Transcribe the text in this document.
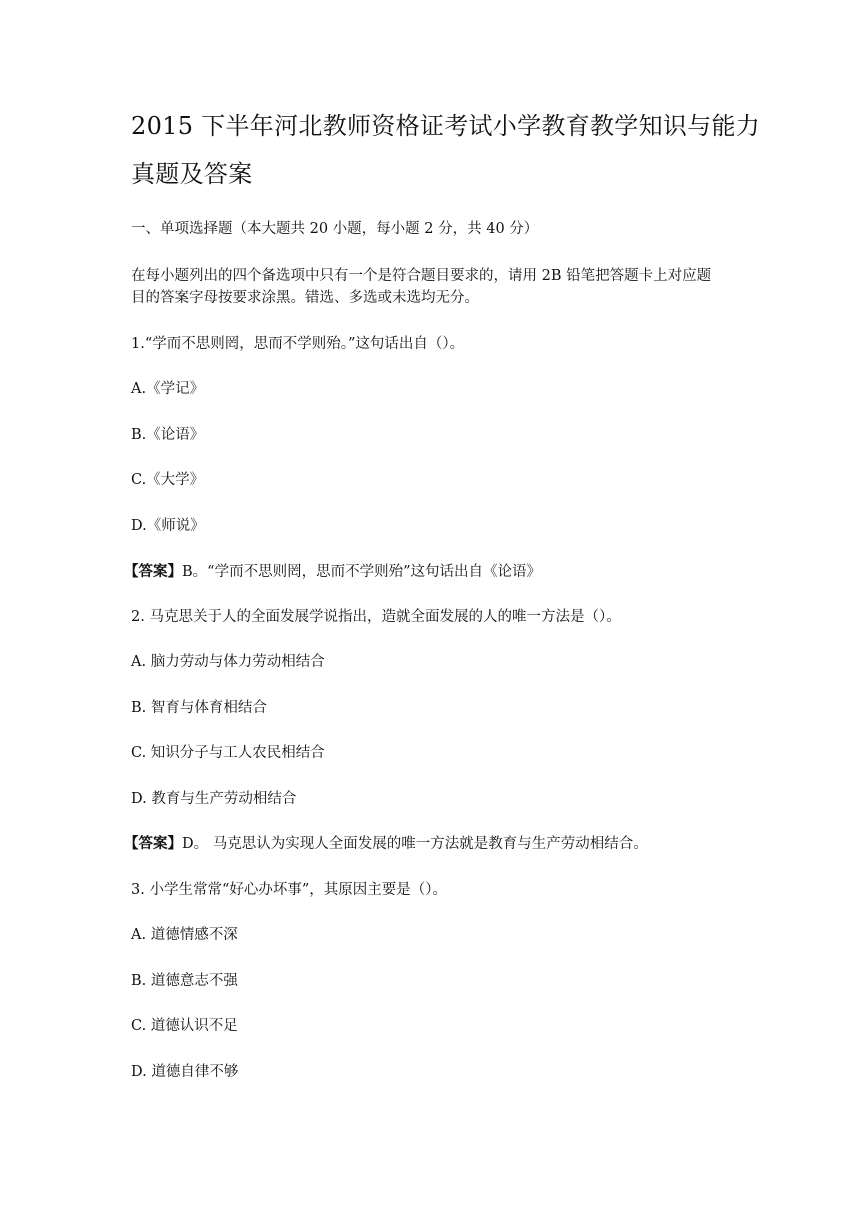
2015 下半年河北教师资格证考试小学教育教学知识与能力
真题及答案
一、单项选择题（本大题共 20 小题，每小题 2 分，共 40 分）
在每小题列出的四个备选项中只有一个是符合题目要求的，请用 2B 铅笔把答题卡上对应题
目的答案字母按要求涂黑。错选、多选或未选均无分。
1.“学而不思则罔，思而不学则殆。”这句话出自（）。
A.《学记》
B.《论语》
C.《大学》
D.《师说》
【答案】B。“学而不思则罔，思而不学则殆”这句话出自《论语》
2. 马克思关于人的全面发展学说指出，造就全面发展的人的唯一方法是（）。
A. 脑力劳动与体力劳动相结合
B. 智育与体育相结合
C. 知识分子与工人农民相结合
D. 教育与生产劳动相结合
【答案】D。 马克思认为实现人全面发展的唯一方法就是教育与生产劳动相结合。
3. 小学生常常“好心办坏事”，其原因主要是（）。
A. 道德情感不深
B. 道德意志不强
C. 道德认识不足
D. 道德自律不够
